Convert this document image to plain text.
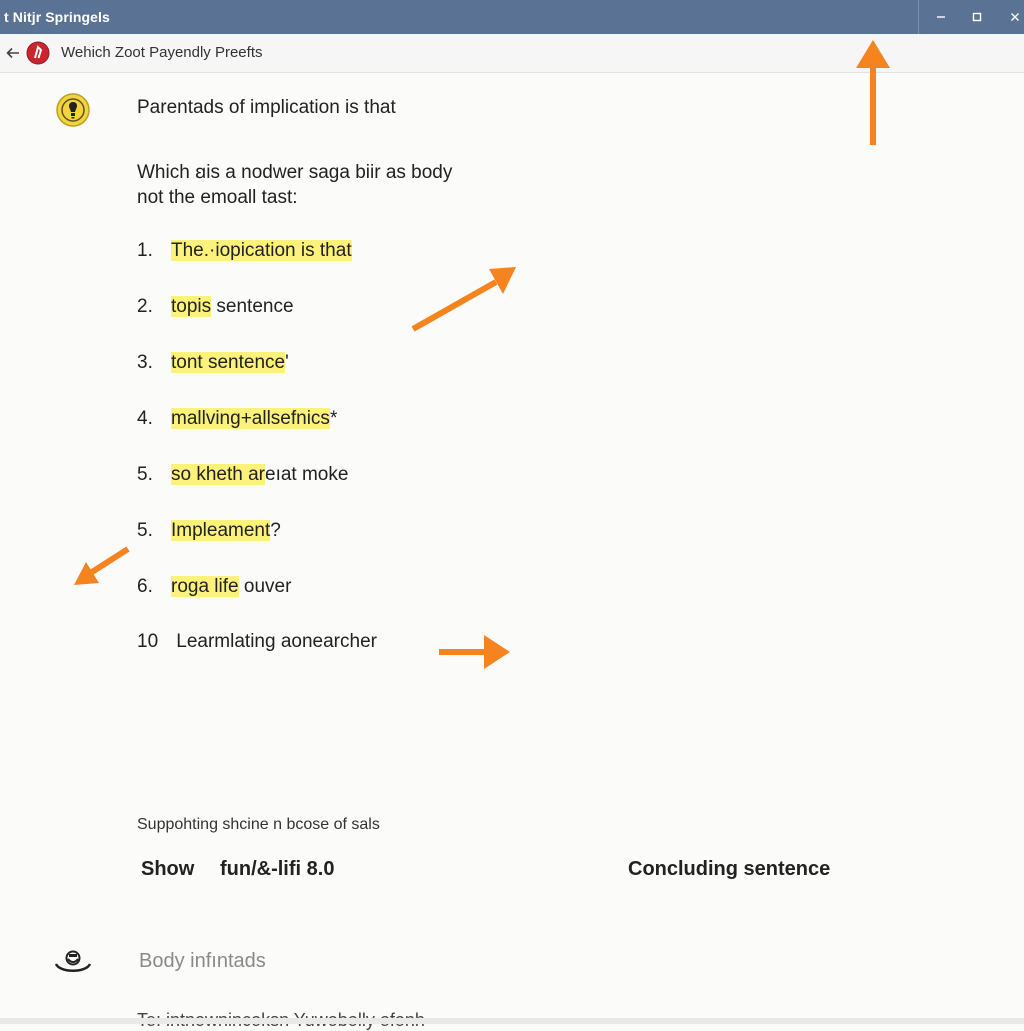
t Nitjr Springels
Wehich Zoot Payendly Preefts
Parentads of implication is that
Which ꞛis a nodwer saga biir as body
not the emoall tast:
1. The.·iopication is that
2. topis sentence
3. tont sentence'
4. mallving+allsefnics*
5. so kheth areıat moke
5. Impleament?
6. roga life ouver
10 Learmlating aonearcher
Suppohting shcine n bcose of sals
Show fun/&-lifi 8.0	Concluding sentence
Body infıntads
